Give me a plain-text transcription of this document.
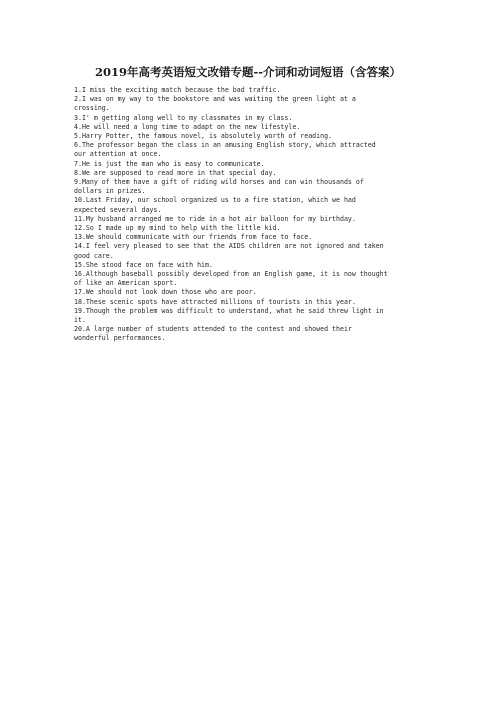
2019年高考英语短文改错专题--介词和动词短语（含答案）
1.I miss the exciting match because the bad traffic.
2.I was on my way to the bookstore and was waiting the green light at a
crossing.
3.I' m getting along well to my classmates in my class.
4.He will need a long time to adapt on the new lifestyle.
5.Harry Potter, the famous novel, is absolutely worth of reading.
6.The professor began the class in an amusing English story, which attracted
our attention at once.
7.He is just the man who is easy to communicate.
8.We are supposed to read more in that special day.
9.Many of them have a gift of riding wild horses and can win thousands of
dollars in prizes.
10.Last Friday, our school organized us to a fire station, which we had
expected several days.
11.My husband arranged me to ride in a hot air balloon for my birthday.
12.So I made up my mind to help with the little kid.
13.We should communicate with our friends from face to face.
14.I feel very pleased to see that the AIDS children are not ignored and taken
good care.
15.She stood face on face with him.
16.Although baseball possibly developed from an English game, it is now thought
of like an American sport.
17.We should not look down those who are poor.
18.These scenic spots have attracted millions of tourists in this year.
19.Though the problem was difficult to understand, what he said threw light in
it.
20.A large number of students attended to the contest and showed their
wonderful performances.
